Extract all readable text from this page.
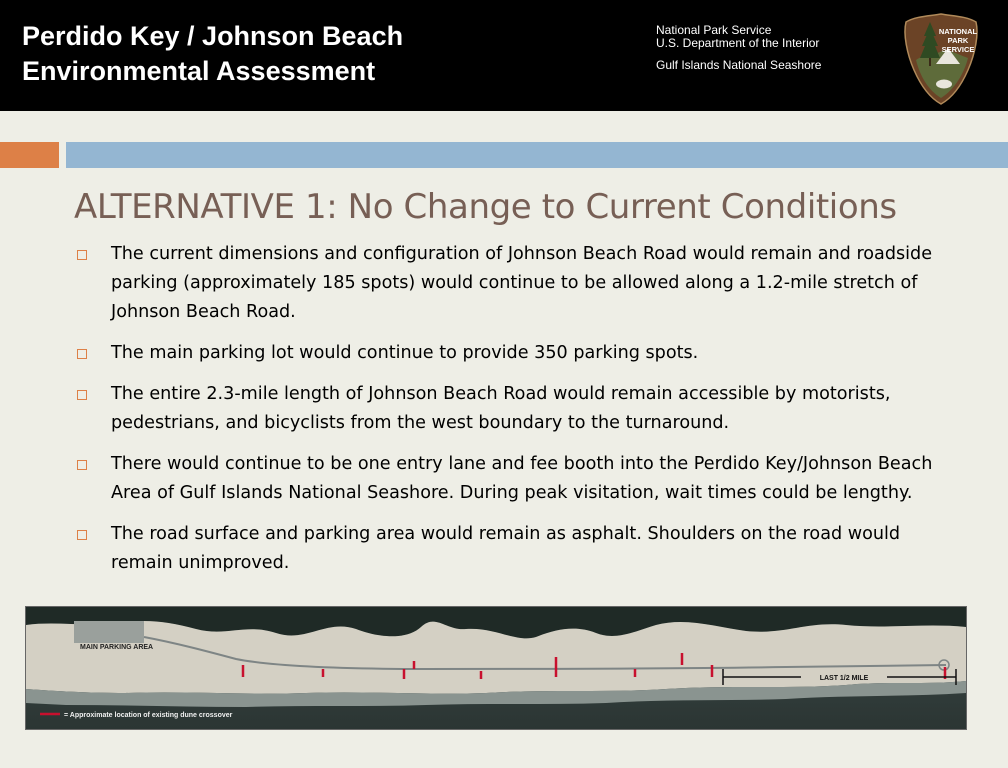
Perdido Key / Johnson Beach
Environmental Assessment
National Park Service
U.S. Department of the Interior
Gulf Islands National Seashore
NATIONAL
PARK
SERVICE
ALTERNATIVE 1: No Change to Current Conditions
The current dimensions and configuration of Johnson Beach Road would remain and roadside parking (approximately 185 spots) would continue to be allowed along a 1.2-mile stretch of Johnson Beach Road.
The main parking lot would continue to provide 350 parking spots.
The entire 2.3-mile length of Johnson Beach Road would remain accessible by motorists, pedestrians, and bicyclists from the west boundary to the turnaround.
There would continue to be one entry lane and fee booth into the Perdido Key/Johnson Beach Area of Gulf Islands National Seashore. During peak visitation, wait times could be lengthy.
The road surface and parking area would remain as asphalt. Shoulders on the road would remain unimproved.
MAIN PARKING AREA
LAST 1/2 MILE
= Approximate location of existing dune crossover
